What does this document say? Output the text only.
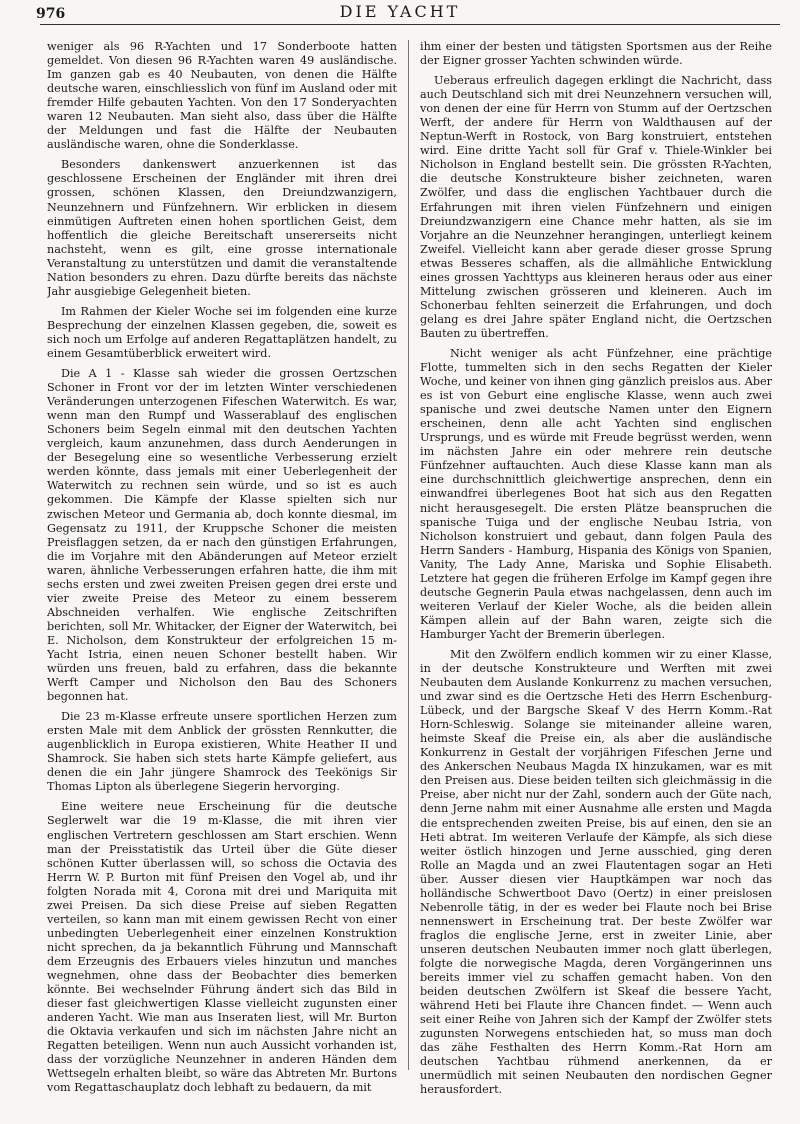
976	DIE YACHT

weniger als 96 R-Yachten und 17 Sonderboote hatten gemeldet. Von diesen 96 R-Yachten waren 49 ausländische. Im ganzen gab es 40 Neubauten, von denen die Hälfte deutsche waren, einschliesslich von fünf im Ausland oder mit fremder Hilfe gebauten Yachten. Von den 17 Sonderyachten waren 12 Neubauten. Man sieht also, dass über die Hälfte der Meldungen und fast die Hälfte der Neubauten ausländische waren, ohne die Sonderklasse.

Besonders dankenswert anzuerkennen ist das geschlossene Erscheinen der Engländer mit ihren drei grossen, schönen Klassen, den Dreiundzwanzigern, Neunzehnern und Fünfzehnern. Wir erblicken in diesem einmütigen Auftreten einen hohen sportlichen Geist, dem hoffentlich die gleiche Bereitschaft unsererseits nicht nachsteht, wenn es gilt, eine grosse internationale Veranstaltung zu unterstützen und damit die veranstaltende Nation besonders zu ehren. Dazu dürfte bereits das nächste Jahr ausgiebige Gelegenheit bieten.

Im Rahmen der Kieler Woche sei im folgenden eine kurze Besprechung der einzelnen Klassen gegeben, die, soweit es sich noch um Erfolge auf anderen Regattaplätzen handelt, zu einem Gesamtüberblick erweitert wird.

Die A 1 - Klasse sah wieder die grossen Oertzschen Schoner in Front vor der im letzten Winter verschiedenen Veränderungen unterzogenen Fifeschen Waterwitch. Es war, wenn man den Rumpf und Wasserablauf des englischen Schoners beim Segeln einmal mit den deutschen Yachten vergleich, kaum anzunehmen, dass durch Aenderungen in der Besegelung eine so wesentliche Verbesserung erzielt werden könnte, dass jemals mit einer Ueberlegenheit der Waterwitch zu rechnen sein würde, und so ist es auch gekommen. Die Kämpfe der Klasse spielten sich nur zwischen Meteor und Germania ab, doch konnte diesmal, im Gegensatz zu 1911, der Kruppsche Schoner die meisten Preisflaggen setzen, da er nach den günstigen Erfahrungen, die im Vorjahre mit den Abänderungen auf Meteor erzielt waren, ähnliche Verbesserungen erfahren hatte, die ihm mit sechs ersten und zwei zweiten Preisen gegen drei erste und vier zweite Preise des Meteor zu einem besserem Abschneiden verhalfen. Wie englische Zeitschriften berichten, soll Mr. Whitacker, der Eigner der Waterwitch, bei E. Nicholson, dem Konstrukteur der erfolgreichen 15 m-Yacht Istria, einen neuen Schoner bestellt haben. Wir würden uns freuen, bald zu erfahren, dass die bekannte Werft Camper und Nicholson den Bau des Schoners begonnen hat.

Die 23 m-Klasse erfreute unsere sportlichen Herzen zum ersten Male mit dem Anblick der grössten Rennkutter, die augenblicklich in Europa existieren, White Heather II und Shamrock. Sie haben sich stets harte Kämpfe geliefert, aus denen die ein Jahr jüngere Shamrock des Teekönigs Sir Thomas Lipton als überlegene Siegerin hervorging.

Eine weitere neue Erscheinung für die deutsche Seglerwelt war die 19 m-Klasse, die mit ihren vier englischen Vertretern geschlossen am Start erschien. Wenn man der Preisstatistik das Urteil über die Güte dieser schönen Kutter überlassen will, so schoss die Octavia des Herrn W. P. Burton mit fünf Preisen den Vogel ab, und ihr folgten Norada mit 4, Corona mit drei und Mariquita mit zwei Preisen. Da sich diese Preise auf sieben Regatten verteilen, so kann man mit einem gewissen Recht von einer unbedingten Ueberlegenheit einer einzelnen Konstruktion nicht sprechen, da ja bekanntlich Führung und Mannschaft dem Erzeugnis des Erbauers vieles hinzutun und manches wegnehmen, ohne dass der Beobachter dies bemerken könnte. Bei wechselnder Führung ändert sich das Bild in dieser fast gleichwertigen Klasse vielleicht zugunsten einer anderen Yacht. Wie man aus Inseraten liest, will Mr. Burton die Oktavia verkaufen und sich im nächsten Jahre nicht an Regatten beteiligen. Wenn nun auch Aussicht vorhanden ist, dass der vorzügliche Neunzehner in anderen Händen dem Wettsegeln erhalten bleibt, so wäre das Abtreten Mr. Burtons vom Regattaschauplatz doch lebhaft zu bedauern, da mit

ihm einer der besten und tätigsten Sportsmen aus der Reihe der Eigner grosser Yachten schwinden würde.

Ueberaus erfreulich dagegen erklingt die Nachricht, dass auch Deutschland sich mit drei Neunzehnern versuchen will, von denen der eine für Herrn von Stumm auf der Oertzschen Werft, der andere für Herrn von Waldthausen auf der Neptun-Werft in Rostock, von Barg konstruiert, entstehen wird. Eine dritte Yacht soll für Graf v. Thiele-Winkler bei Nicholson in England bestellt sein. Die grössten R-Yachten, die deutsche Konstrukteure bisher zeichneten, waren Zwölfer, und dass die englischen Yachtbauer durch die Erfahrungen mit ihren vielen Fünfzehnern und einigen Dreiundzwanzigern eine Chance mehr hatten, als sie im Vorjahre an die Neunzehner herangingen, unterliegt keinem Zweifel. Vielleicht kann aber gerade dieser grosse Sprung etwas Besseres schaffen, als die allmähliche Entwicklung eines grossen Yachttyps aus kleineren heraus oder aus einer Mittelung zwischen grösseren und kleineren. Auch im Schonerbau fehlten seinerzeit die Erfahrungen, und doch gelang es drei Jahre später England nicht, die Oertzschen Bauten zu übertreffen.

Nicht weniger als acht Fünfzehner, eine prächtige Flotte, tummelten sich in den sechs Regatten der Kieler Woche, und keiner von ihnen ging gänzlich preislos aus. Aber es ist von Geburt eine englische Klasse, wenn auch zwei spanische und zwei deutsche Namen unter den Eignern erscheinen, denn alle acht Yachten sind englischen Ursprungs, und es würde mit Freude begrüsst werden, wenn im nächsten Jahre ein oder mehrere rein deutsche Fünfzehner auftauchten. Auch diese Klasse kann man als eine durchschnittlich gleichwertige ansprechen, denn ein einwandfrei überlegenes Boot hat sich aus den Regatten nicht herausgesegelt. Die ersten Plätze beanspruchen die spanische Tuiga und der englische Neubau Istria, von Nicholson konstruiert und gebaut, dann folgen Paula des Herrn Sanders - Hamburg, Hispania des Königs von Spanien, Vanity, The Lady Anne, Mariska und Sophie Elisabeth. Letztere hat gegen die früheren Erfolge im Kampf gegen ihre deutsche Gegnerin Paula etwas nachgelassen, denn auch im weiteren Verlauf der Kieler Woche, als die beiden allein Kämpen allein auf der Bahn waren, zeigte sich die Hamburger Yacht der Bremerin überlegen.

Mit den Zwölfern endlich kommen wir zu einer Klasse, in der deutsche Konstrukteure und Werften mit zwei Neubauten dem Auslande Konkurrenz zu machen versuchen, und zwar sind es die Oertzsche Heti des Herrn Eschenburg-Lübeck, und der Bargsche Skeaf V des Herrn Komm.-Rat Horn-Schleswig. Solange sie miteinander alleine waren, heimste Skeaf die Preise ein, als aber die ausländische Konkurrenz in Gestalt der vorjährigen Fifeschen Jerne und des Ankerschen Neubaus Magda IX hinzukamen, war es mit den Preisen aus. Diese beiden teilten sich gleichmässig in die Preise, aber nicht nur der Zahl, sondern auch der Güte nach, denn Jerne nahm mit einer Ausnahme alle ersten und Magda die entsprechenden zweiten Preise, bis auf einen, den sie an Heti abtrat. Im weiteren Verlaufe der Kämpfe, als sich diese weiter östlich hinzogen und Jerne ausschied, ging deren Rolle an Magda und an zwei Flautentagen sogar an Heti über. Ausser diesen vier Hauptkämpen war noch das holländische Schwertboot Davo (Oertz) in einer preislosen Nebenrolle tätig, in der es weder bei Flaute noch bei Brise nennenswert in Erscheinung trat. Der beste Zwölfer war fraglos die englische Jerne, erst in zweiter Linie, aber unseren deutschen Neubauten immer noch glatt überlegen, folgte die norwegische Magda, deren Vorgängerinnen uns bereits immer viel zu schaffen gemacht haben. Von den beiden deutschen Zwölfern ist Skeaf die bessere Yacht, während Heti bei Flaute ihre Chancen findet. — Wenn auch seit einer Reihe von Jahren sich der Kampf der Zwölfer stets zugunsten Norwegens entschieden hat, so muss man doch das zähe Festhalten des Herrn Komm.-Rat Horn am deutschen Yachtbau rühmend anerkennen, da er unermüdlich mit seinen Neubauten den nordischen Gegner herausfordert.
